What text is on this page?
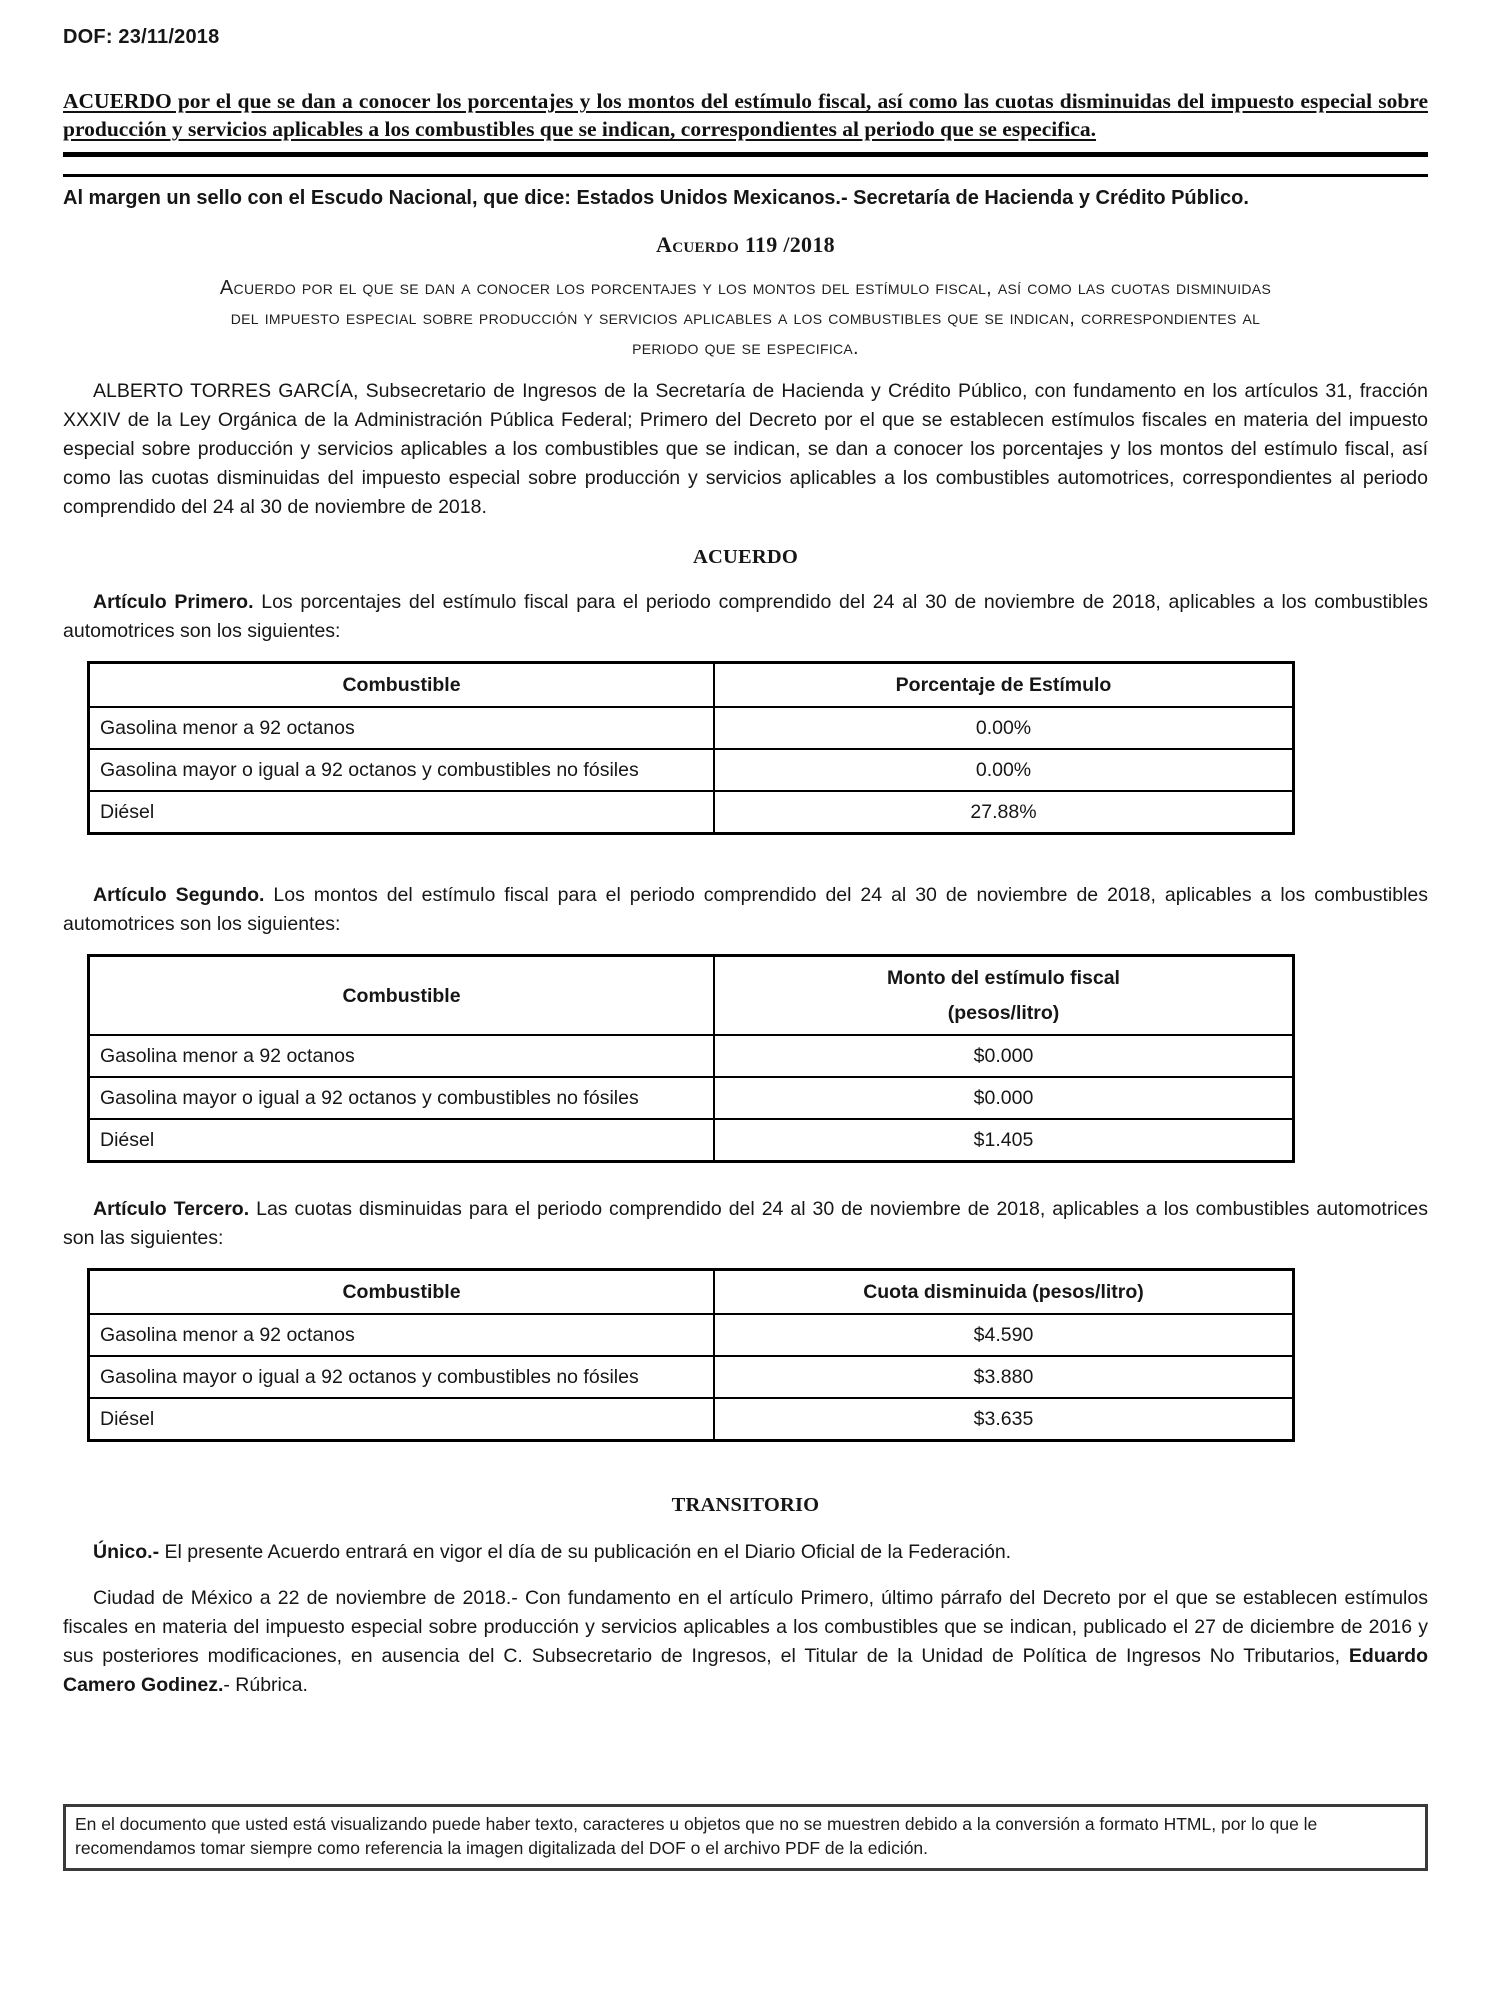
DOF: 23/11/2018
ACUERDO por el que se dan a conocer los porcentajes y los montos del estímulo fiscal, así como las cuotas disminuidas del impuesto especial sobre producción y servicios aplicables a los combustibles que se indican, correspondientes al periodo que se especifica.
Al margen un sello con el Escudo Nacional, que dice: Estados Unidos Mexicanos.- Secretaría de Hacienda y Crédito Público.
Acuerdo 119 /2018
Acuerdo por el que se dan a conocer los porcentajes y los montos del estímulo fiscal, así como las cuotas disminuidas del impuesto especial sobre producción y servicios aplicables a los combustibles que se indican, correspondientes al periodo que se especifica.

ALBERTO TORRES GARCÍA, Subsecretario de Ingresos de la Secretaría de Hacienda y Crédito Público, con fundamento en los artículos 31, fracción XXXIV de la Ley Orgánica de la Administración Pública Federal; Primero del Decreto por el que se establecen estímulos fiscales en materia del impuesto especial sobre producción y servicios aplicables a los combustibles que se indican, se dan a conocer los porcentajes y los montos del estímulo fiscal, así como las cuotas disminuidas del impuesto especial sobre producción y servicios aplicables a los combustibles automotrices, correspondientes al periodo comprendido del 24 al 30 de noviembre de 2018.

ACUERDO

Artículo Primero. Los porcentajes del estímulo fiscal para el periodo comprendido del 24 al 30 de noviembre de 2018, aplicables a los combustibles automotrices son los siguientes:

Combustible	Porcentaje de Estímulo

Gasolina menor a 92 octanos	0.00%
Gasolina mayor o igual a 92 octanos y combustibles no fósiles	0.00%
Diésel	27.88%

Artículo Segundo. Los montos del estímulo fiscal para el periodo comprendido del 24 al 30 de noviembre de 2018, aplicables a los combustibles automotrices son los siguientes:

Combustible	Monto del estímulo fiscal
(pesos/litro)

Gasolina menor a 92 octanos	$0.000
Gasolina mayor o igual a 92 octanos y combustibles no fósiles	$0.000
Diésel	$1.405

Artículo Tercero. Las cuotas disminuidas para el periodo comprendido del 24 al 30 de noviembre de 2018, aplicables a los combustibles automotrices son las siguientes:

Combustible	Cuota disminuida (pesos/litro)

Gasolina menor a 92 octanos	$4.590
Gasolina mayor o igual a 92 octanos y combustibles no fósiles	$3.880
Diésel	$3.635
TRANSITORIO

Único.- El presente Acuerdo entrará en vigor el día de su publicación en el Diario Oficial de la Federación.

Ciudad de México a 22 de noviembre de 2018.- Con fundamento en el artículo Primero, último párrafo del Decreto por el que se establecen estímulos fiscales en materia del impuesto especial sobre producción y servicios aplicables a los combustibles que se indican, publicado el 27 de diciembre de 2016 y sus posteriores modificaciones, en ausencia del C. Subsecretario de Ingresos, el Titular de la Unidad de Política de Ingresos No Tributarios, Eduardo Camero Godinez.- Rúbrica.

En el documento que usted está visualizando puede haber texto, caracteres u objetos que no se muestren debido a la conversión a formato HTML, por lo que le recomendamos tomar siempre como referencia la imagen digitalizada del DOF o el archivo PDF de la edición.
